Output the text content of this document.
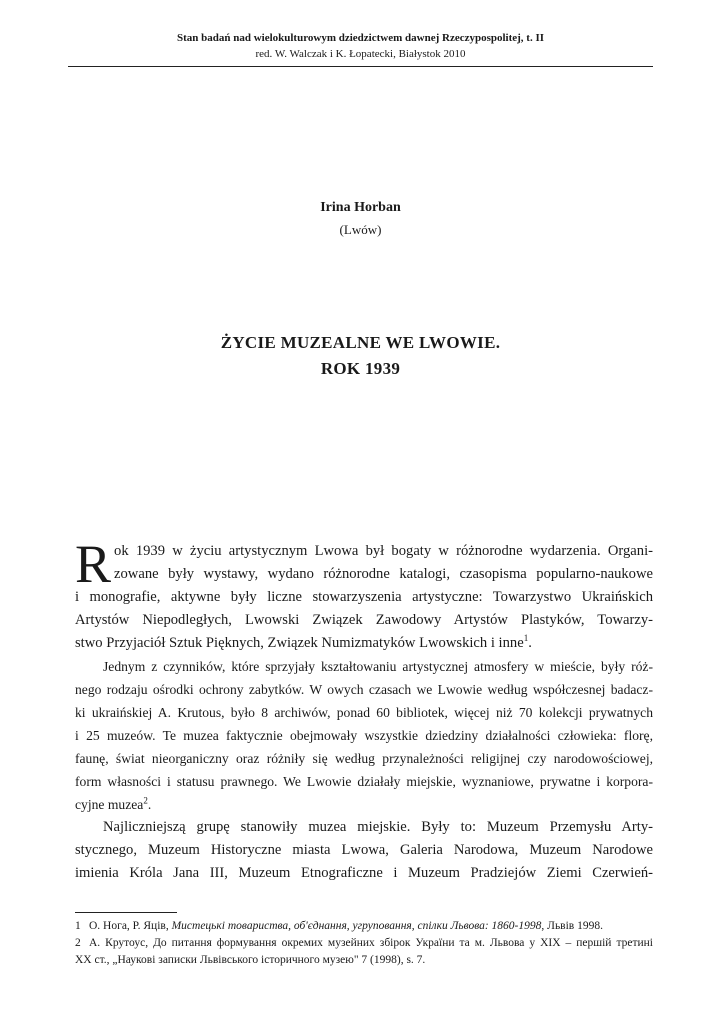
Stan badań nad wielokulturowym dziedzictwem dawnej Rzeczypospolitej, t. II
red. W. Walczak i K. Łopatecki, Białystok 2010
Irina Horban
(Lwów)
ŻYCIE MUZEALNE WE LWOWIE.
ROK 1939
R ok 1939 w życiu artystycznym Lwowa był bogaty w różnorodne wydarzenia. Organi-

zowane były wystawy, wydano różnorodne katalogi, czasopisma popularno-naukowe

i monografie, aktywne były liczne stowarzyszenia artystyczne: Towarzystwo Ukraińskich

Artystów Niepodległych, Lwowski Związek Zawodowy Artystów Plastyków, Towarzy-

stwo Przyjaciół Sztuk Pięknych, Związek Numizmatyków Lwowskich i inne$^1$.

Jednym z czynników, które sprzyjały kształtowaniu artystycznej atmosfery w mieście, były róż-

nego rodzaju ośrodki ochrony zabytków. W owych czasach we Lwowie według współczesnej badacz-

ki ukraińskiej A. Krutous, było 8 archiwów, ponad 60 bibliotek, więcej niż 70 kolekcji prywatnych

i 25 muzeów. Te muzea faktycznie obejmowały wszystkie dziedziny działalności człowieka: florę,

faunę, świat nieorganiczny oraz różniły się według przynależności religijnej czy narodowościowej,

form własności i statusu prawnego. We Lwowie działały miejskie, wyznaniowe, prywatne i korpora-

cyjne muzea$^2$.

Najliczniejszą grupę stanowiły muzea miejskie. Były to: Muzeum Przemysłu Arty-

stycznego, Muzeum Historyczne miasta Lwowa, Galeria Narodowa, Muzeum Narodowe

imienia Króla Jana III, Muzeum Etnograficzne i Muzeum Pradziejów Ziemi Czerwień-

1 О. Нога, Р. Яців, Мистецькі товариства, об'єднання, угруповання, спілки Львова: 1860-1998, Львів 1998.

2 А. Крутоус, До питання формування окремих музейних збірок України та м. Львова у XIX – першій третині

XX ст., „Наукові записки Львівського історичного музею" 7 (1998), s. 7.
